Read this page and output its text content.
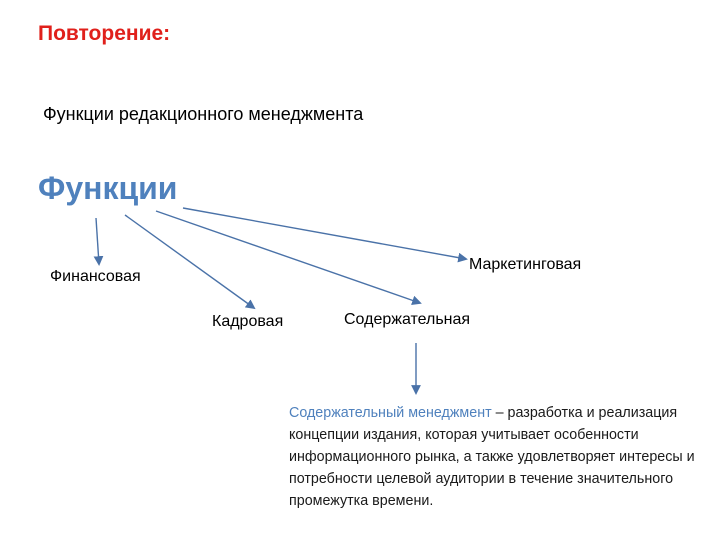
Повторение:
Функции редакционного менеджмента
Функции
Финансовая
Маркетинговая
Кадровая	Содержательная
Содержательный менеджмент – разработка и реализация концепции издания, которая учитывает особенности информационного рынка, а также удовлетворяет интересы и потребности целевой аудитории в течение значительного промежутка времени.
